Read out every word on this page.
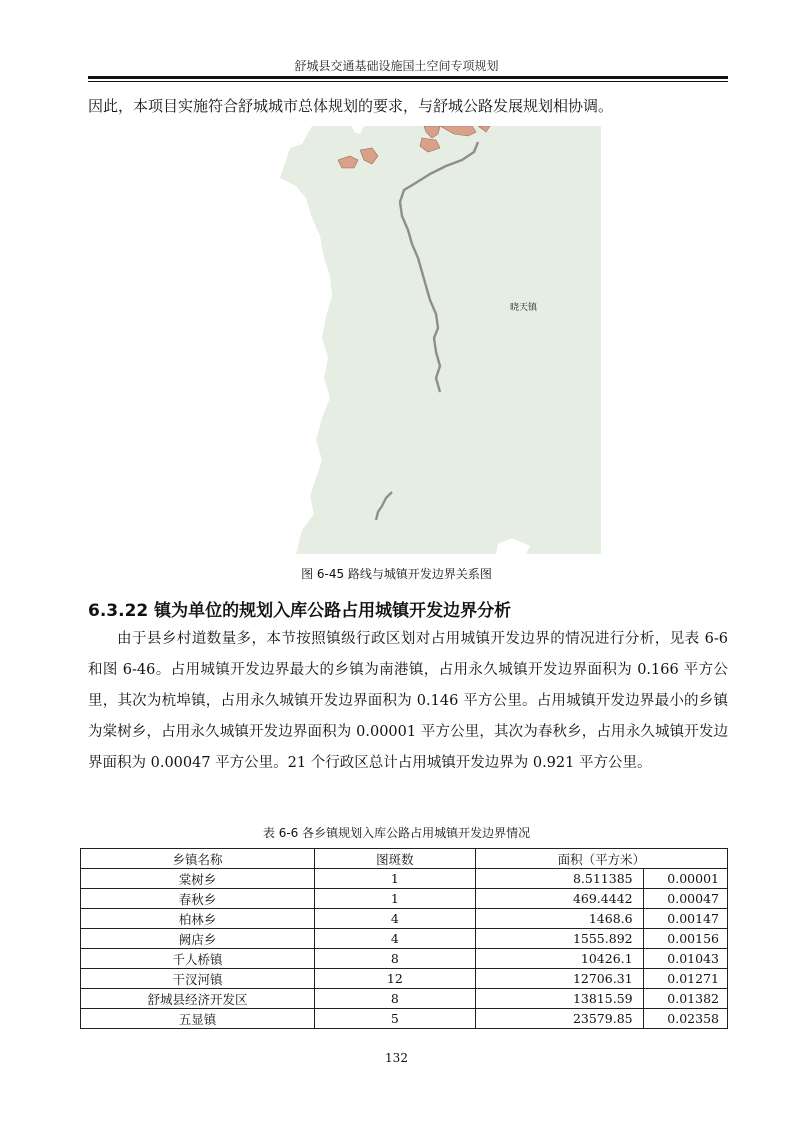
舒城县交通基础设施国土空间专项规划
因此，本项目实施符合舒城城市总体规划的要求，与舒城公路发展规划相协调。
晓天镇
图 6-45 路线与城镇开发边界关系图
6.3.22 镇为单位的规划入库公路占用城镇开发边界分析

由于县乡村道数量多，本节按照镇级行政区划对占用城镇开发边界的情况进行分析，见表 6-6 和图 6-46。占用城镇开发边界最大的乡镇为南港镇，占用永久城镇开发边界面积为 0.166 平方公里，其次为杭埠镇，占用永久城镇开发边界面积为 0.146 平方公里。占用城镇开发边界最小的乡镇为棠树乡，占用永久城镇开发边界面积为 0.00001 平方公里，其次为春秋乡，占用永久城镇开发边界面积为 0.00047 平方公里。21 个行政区总计占用城镇开发边界为 0.921 平方公里。

表 6-6 各乡镇规划入库公路占用城镇开发边界情况
乡镇名称	图斑数	面积（平方米）	
棠树乡	1	8.511385	0.00001
春秋乡	1	469.4442	0.00047
柏林乡	4	1468.6	0.00147
阙店乡	4	1555.892	0.00156
千人桥镇	8	10426.1	0.01043
干汊河镇	12	12706.31	0.01271
舒城县经济开发区	8	13815.59	0.01382
五显镇	5	23579.85	0.02358
132
